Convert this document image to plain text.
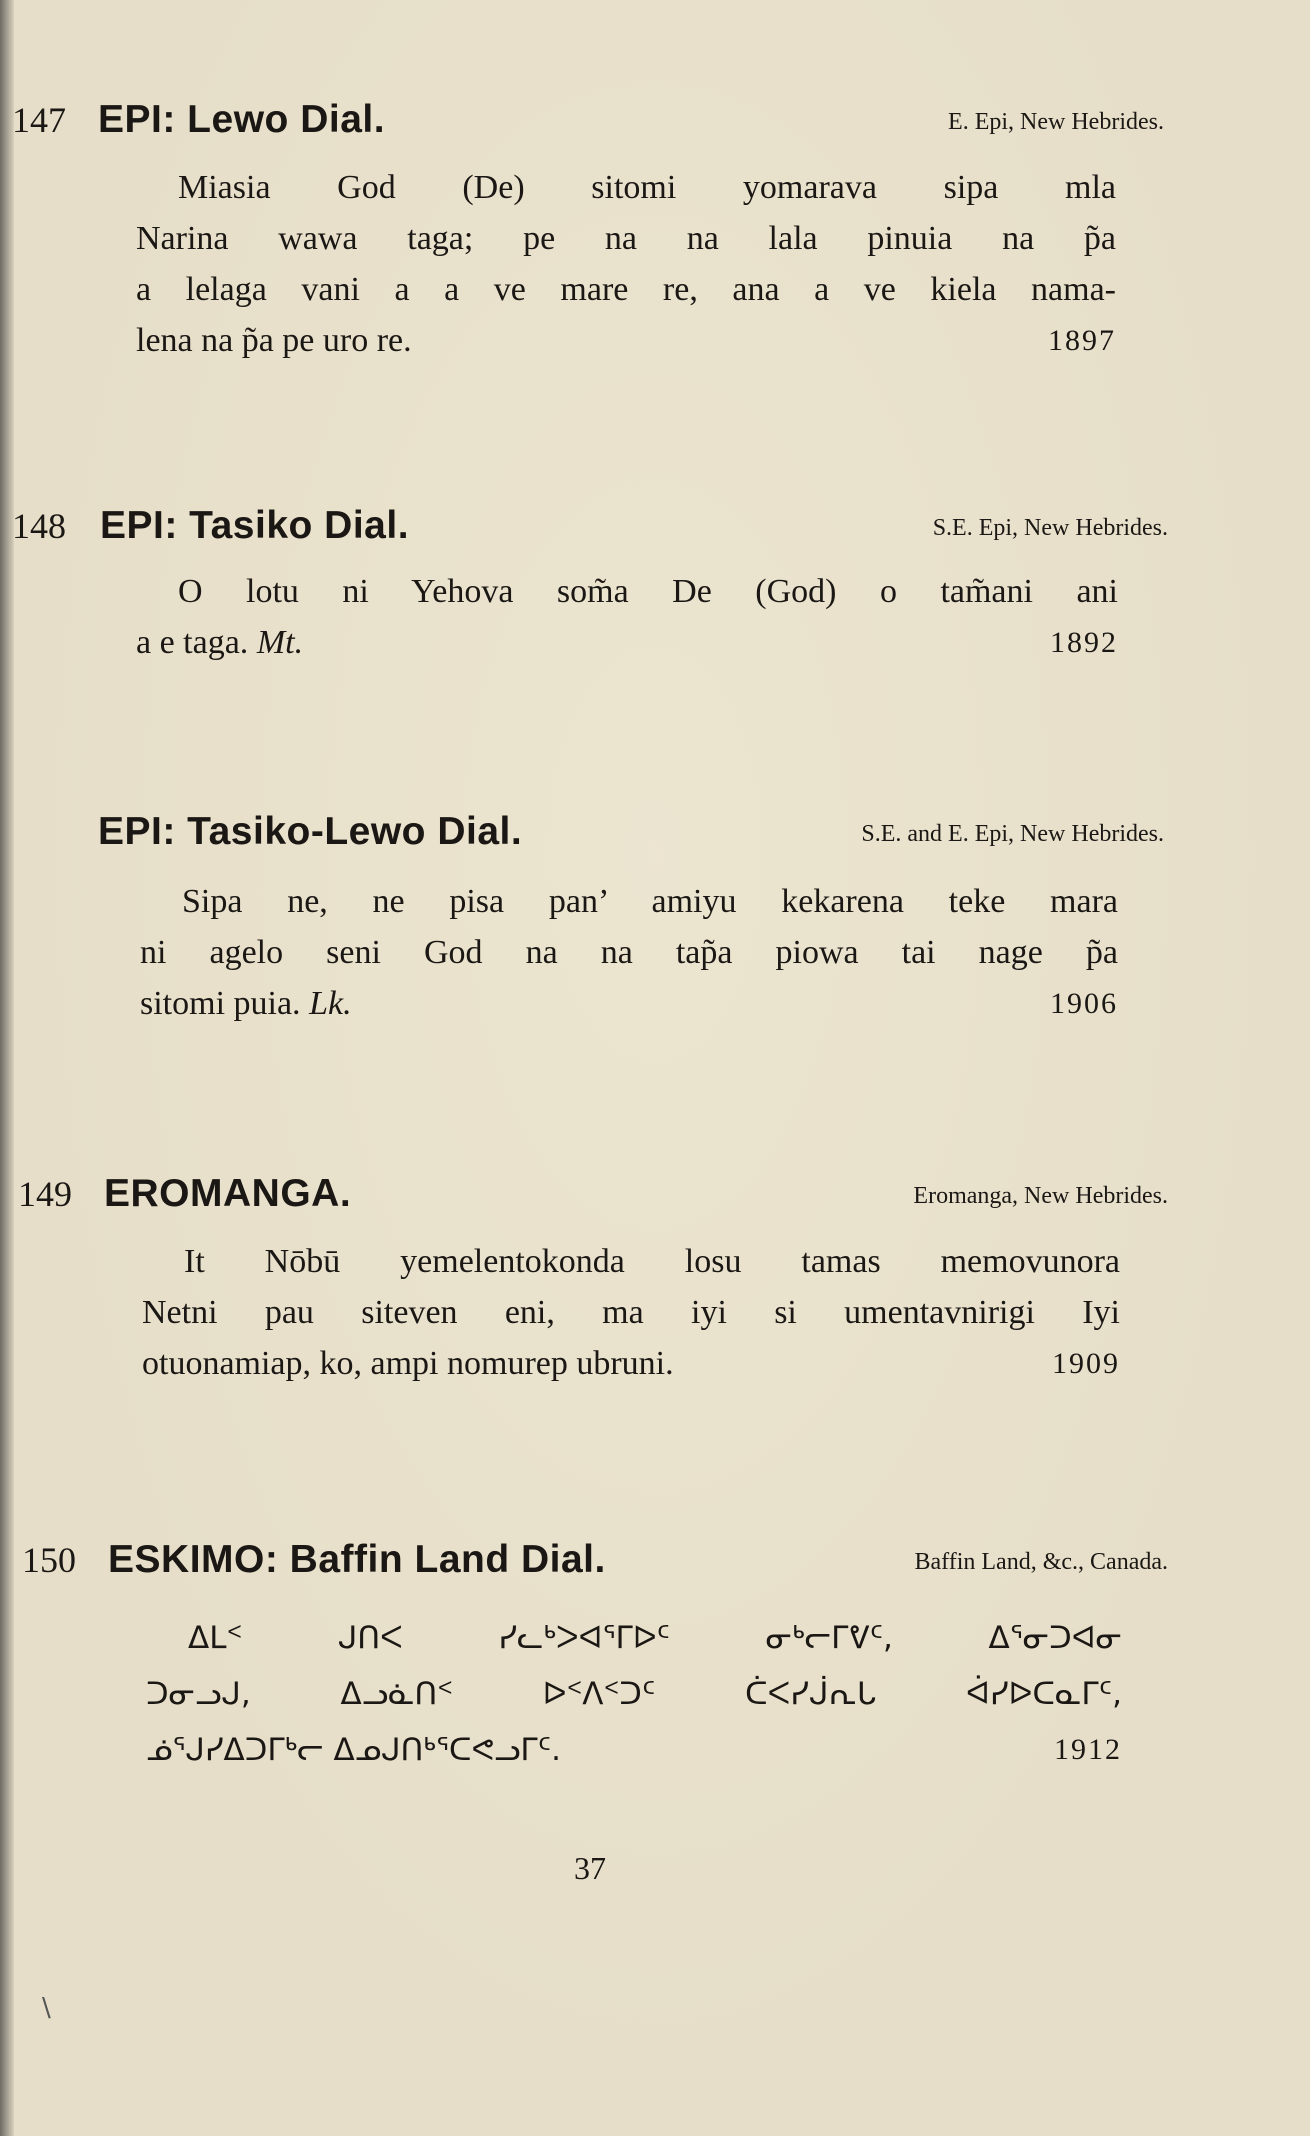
147 EPI: Lewo Dial.	E. Epi, New Hebrides.
Miasia God (De) sitomi yomarava sipa mla
Narina wawa taga; pe na na lala pinuia na p̃a
a lelaga vani a a ve mare re, ana a ve kiela nama-
lena na p̃a pe uro re.	1897
148 EPI: Tasiko Dial.	S.E. Epi, New Hebrides.
O lotu ni Yehova som̃a De (God) o tam̃ani ani
a e taga. Mt.	1892
EPI: Tasiko-Lewo Dial.	S.E. and E. Epi, New Hebrides.
Sipa ne, ne pisa pan’ amiyu kekarena teke mara
ni agelo seni God na na tap̃a piowa tai nage p̃a
sitomi puia. Lk.	1906
149 EROMANGA.	Eromanga, New Hebrides.
It Nōbū yemelentokonda losu tamas memovunora
Netni pau siteven eni, ma iyi si umentavnirigi Iyi
otuonamiap, ko, ampi nomurep ubruni.	1909
150 ESKIMO: Baffin Land Dial.	Baffin Land, &c., Canada.
ᐃᒪᑉ ᒍᑎᐸ ᓯᓚᒃᐳᐊᕐᒥᐅᑦ ᓂᒃᓕᒥᕓᑦ, ᐃᕐᓂᑐᐊᓂ
ᑐᓂᓗᒍ, ᐃᓗᓈᑎᑉ ᐅᑉᐱᑉᑐᑦ ᑖᐸᓯᒎᕆᒐ ᐋᓯᐅᑕᓇᒥᑦ,
ᓅᕐᒍᓯᐃᑐᒥᒃᓕ ᐃᓄᒍᑎᒃᕐᑕᕙᓗᒥᑦ.	1912
37
\
